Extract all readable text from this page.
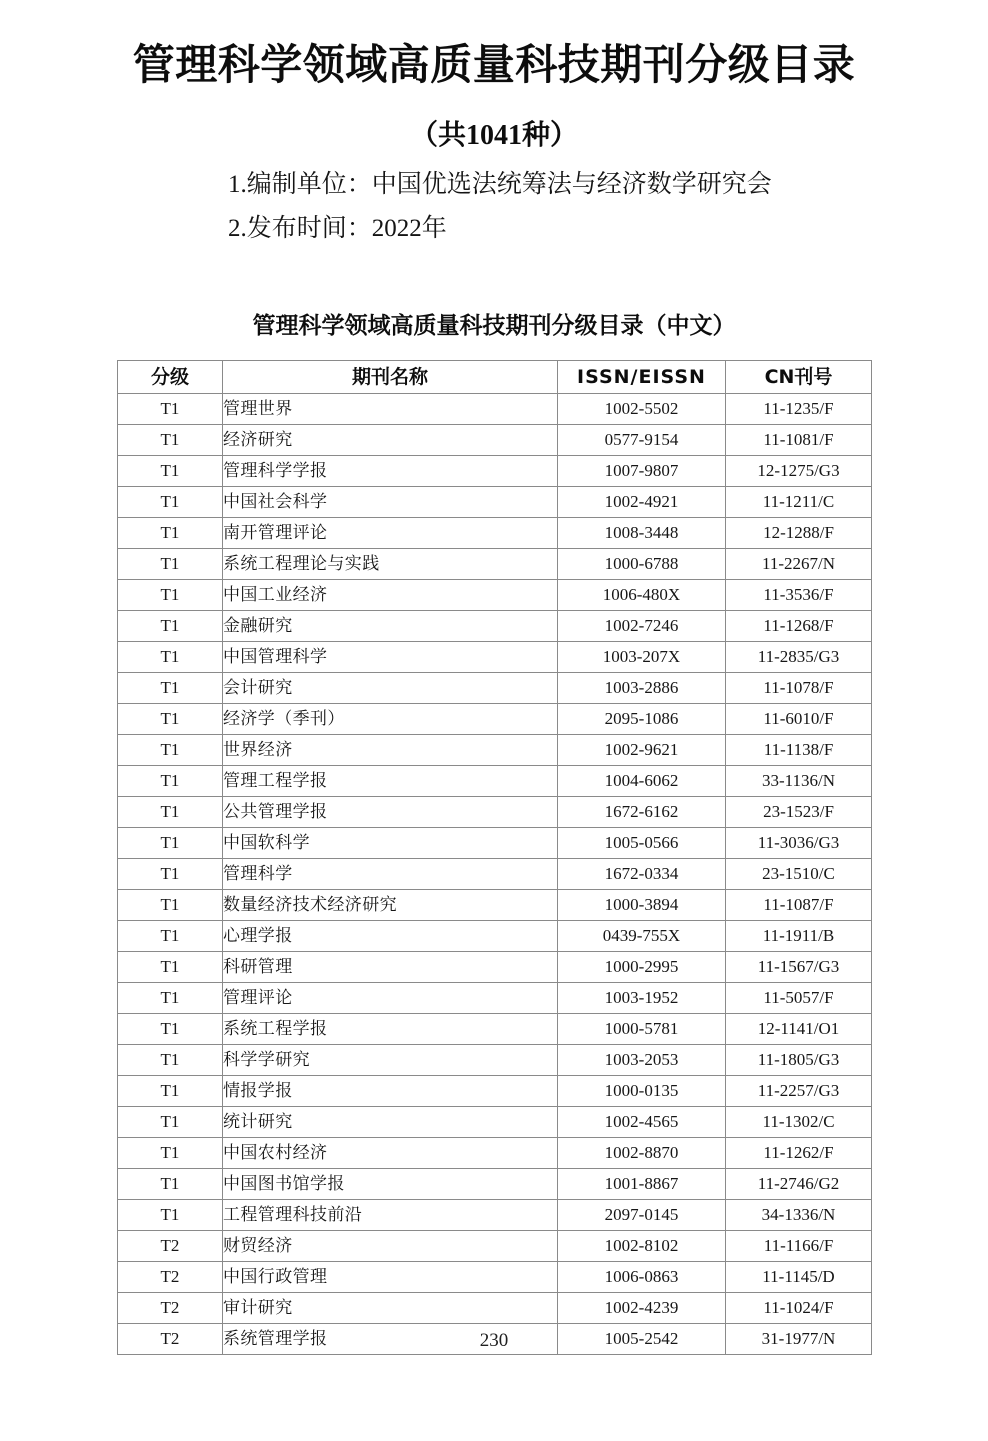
管理科学领域高质量科技期刊分级目录
（共1041种）
1.编制单位：中国优选法统筹法与经济数学研究会
2.发布时间：2022年
管理科学领域高质量科技期刊分级目录（中文）
分级	期刊名称	ISSN/EISSN	CN刊号
T1	管理世界	1002-5502	11-1235/F
T1	经济研究	0577-9154	11-1081/F
T1	管理科学学报	1007-9807	12-1275/G3
T1	中国社会科学	1002-4921	11-1211/C
T1	南开管理评论	1008-3448	12-1288/F
T1	系统工程理论与实践	1000-6788	11-2267/N
T1	中国工业经济	1006-480X	11-3536/F
T1	金融研究	1002-7246	11-1268/F
T1	中国管理科学	1003-207X	11-2835/G3
T1	会计研究	1003-2886	11-1078/F
T1	经济学（季刊）	2095-1086	11-6010/F
T1	世界经济	1002-9621	11-1138/F
T1	管理工程学报	1004-6062	33-1136/N
T1	公共管理学报	1672-6162	23-1523/F
T1	中国软科学	1005-0566	11-3036/G3
T1	管理科学	1672-0334	23-1510/C
T1	数量经济技术经济研究	1000-3894	11-1087/F
T1	心理学报	0439-755X	11-1911/B
T1	科研管理	1000-2995	11-1567/G3
T1	管理评论	1003-1952	11-5057/F
T1	系统工程学报	1000-5781	12-1141/O1
T1	科学学研究	1003-2053	11-1805/G3
T1	情报学报	1000-0135	11-2257/G3
T1	统计研究	1002-4565	11-1302/C
T1	中国农村经济	1002-8870	11-1262/F
T1	中国图书馆学报	1001-8867	11-2746/G2
T1	工程管理科技前沿	2097-0145	34-1336/N
T2	财贸经济	1002-8102	11-1166/F
T2	中国行政管理	1006-0863	11-1145/D
T2	审计研究	1002-4239	11-1024/F
T2	系统管理学报	1005-2542	31-1977/N
230
